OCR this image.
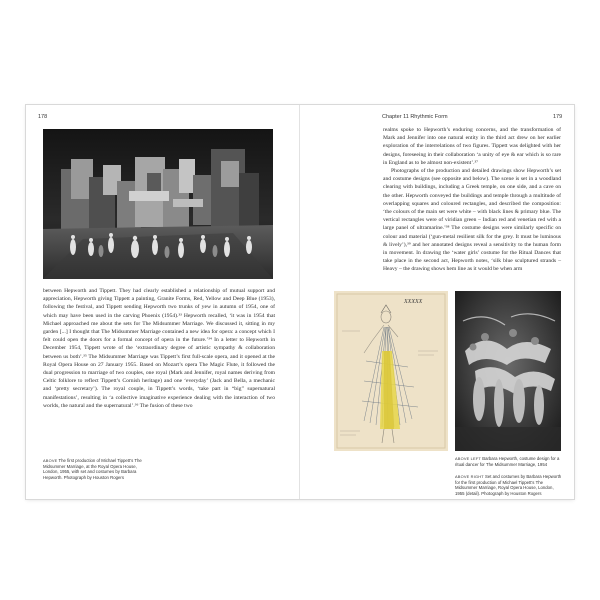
178

between Hepworth and Tippett. They had clearly established a relationship of mutual support and appreciation, Hepworth giving Tippett a painting, Granite Forms, Red, Yellow and Deep Blue (1953), following the festival, and Tippett sending Hepworth two trunks of yew in autumn of 1954, one of which may have been used in the carving Phoenix (1954).³³ Hepworth recalled, ‘it was in 1954 that Michael approached me about the sets for The Midsummer Marriage. We discussed it, sitting in my garden [...] I thought that The Midsummer Marriage contained a new idea for opera: a concept which I felt could open the doors for a formal concept of opera in the future.’³⁴ In a letter to Hepworth in December 1954, Tippett wrote of the ‘extraordinary degree of artistic sympathy & collaboration between us both’.³⁵ The Midsummer Marriage was Tippett’s first full-scale opera, and it opened at the Royal Opera House on 27 January 1955. Based on Mozart’s opera The Magic Flute, it followed the dual progression to marriage of two couples, one royal (Mark and Jennifer, royal names deriving from Celtic folklore to reflect Tippett’s Cornish heritage) and one ‘everyday’ (Jack and Bella, a mechanic and ‘pretty secretary’). The royal couple, in Tippett’s words, ‘take part in “big” supernatural manifestations’, resulting in ‘a collective imaginative experience dealing with the interaction of two worlds, the natural and the supernatural’.³⁶ The fusion of these two

ABOVE The first production of Michael Tippett’s The Midsummer Marriage, at the Royal Opera House, London, 1955, with set and costumes by Barbara Hepworth. Photograph by Houston Rogers
Chapter 11 Rhythmic Form	179

realms spoke to Hepworth’s enduring concerns, and the transformation of Mark and Jennifer into one natural entity in the third act drew on her earlier exploration of the interrelations of two figures. Tippett was delighted with her designs, foreseeing in their collaboration ‘a unity of eye & ear which is so rare in England as to be almost non-existent’.³⁷

Photographs of the production and detailed drawings show Hepworth’s set and costume designs (see opposite and below). The scene is set in a woodland clearing with buildings, including a Greek temple, on one side, and a cave on the other. Hepworth conveyed the buildings and temple through a multitude of overlapping squares and coloured rectangles, and described the composition: ‘the colours of the main set were white – with black lines & primary blue. The vertical rectangles were of viridian green – Indian red and venetian red with a large panel of ultramarine.’³⁸ The costume designs were similarly specific on colour and material (‘gun-metal resilient silk for the grey. It must be luminous & lively’),³⁹ and her annotated designs reveal a sensitivity to the human form in movement. In drawing the ‘water girls’ costume for the Ritual Dances that take place in the second act, Hepworth notes, ‘silk blue sculptured strands – Heavy – the drawing shows hem line as it would be when arm

XXXXX
ABOVE LEFT Barbara Hepworth, costume design for a ritual dancer for The Midsummer Marriage, 1954
ABOVE RIGHT Set and costumes by Barbara Hepworth for the first production of Michael Tippett’s The Midsummer Marriage, Royal Opera House, London, 1955 (detail). Photograph by Houston Rogers
